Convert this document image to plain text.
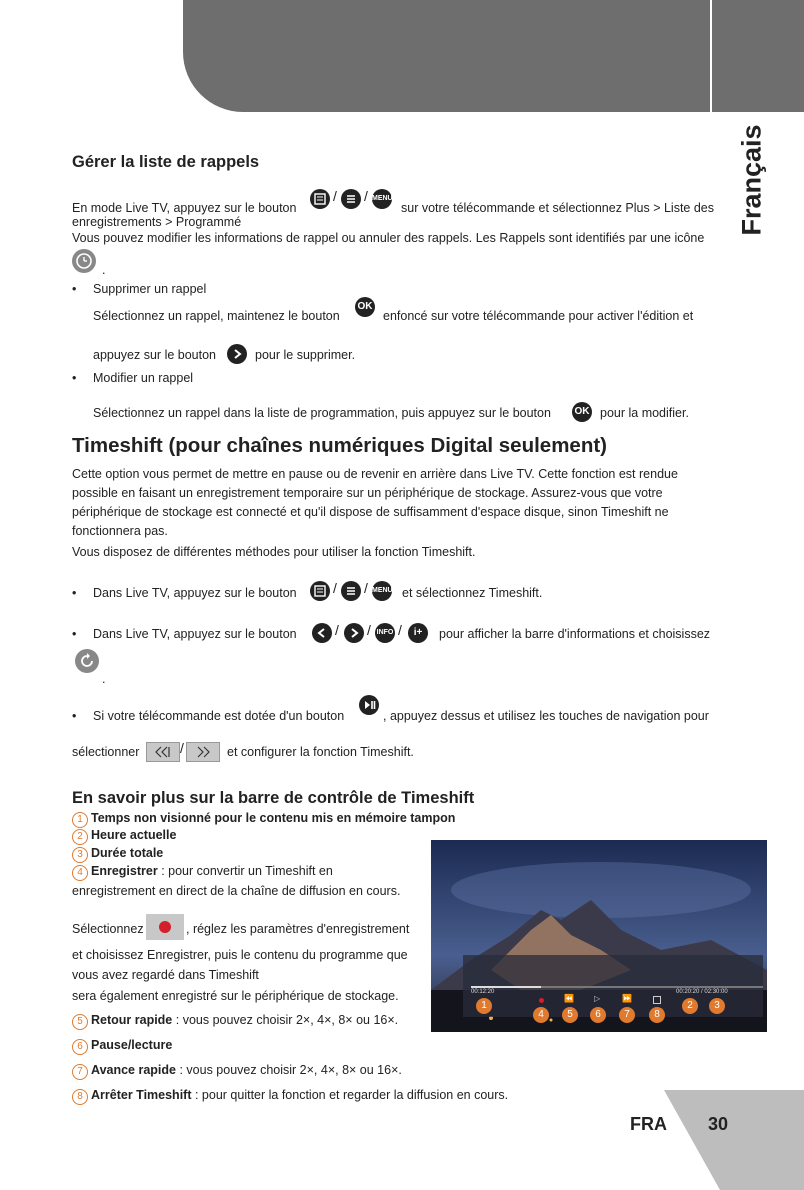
Français
FRA 30
Gérer la liste de rappels
En mode Live TV, appuyez sur le bouton
/ / MENU
sur votre télécommande et sélectionnez Plus > Liste des
enregistrements > Programmé
Vous pouvez modifier les informations de rappel ou annuler des rappels. Les Rappels sont identifiés par une icône
.
• Supprimer un rappel
Sélectionnez un rappel, maintenez le bouton
OK
enfoncé sur votre télécommande pour activer l'édition et
appuyez sur le bouton	pour le supprimer.
• Modifier un rappel
Sélectionnez un rappel dans la liste de programmation, puis appuyez sur le bouton OK pour la modifier.
Timeshift (pour chaînes numériques Digital seulement)
Cette option vous permet de mettre en pause ou de revenir en arrière dans Live TV. Cette fonction est rendue
possible en faisant un enregistrement temporaire sur un périphérique de stockage. Assurez-vous que votre
périphérique de stockage est connecté et qu'il dispose de suffisamment d'espace disque, sinon Timeshift ne
fonctionnera pas.
Vous disposez de différentes méthodes pour utiliser la fonction Timeshift.
• Dans Live TV, appuyez sur le bouton	/ / MENU et sélectionnez Timeshift.
• Dans Live TV, appuyez sur le bouton	/ / INFO /	i+	pour afficher la barre d'informations et choisissez
.
• Si votre télécommande est dotée d'un bouton	, appuyez dessus et utilisez les touches de navigation pour
sélectionner	/	et configurer la fonction Timeshift.
En savoir plus sur la barre de contrôle de Timeshift
1 Temps non visionné pour le contenu mis en mémoire tampon
2 Heure actuelle
3 Durée totale
4 Enregistrer : pour convertir un Timeshift en
enregistrement en direct de la chaîne de diffusion en cours.
Sélectionnez	, réglez les paramètres d'enregistrement
et choisissez Enregistrer, puis le contenu du programme que
vous avez regardé dans Timeshift
sera également enregistré sur le périphérique de stockage.
5 Retour rapide : vous pouvez choisir 2×, 4×, 8× ou 16×.
6 Pause/lecture
7 Avance rapide : vous pouvez choisir 2×, 4×, 8× ou 16×.
8 Arrêter Timeshift : pour quitter la fonction et regarder la diffusion en cours.
00:12:20	00:20:20 / 02:30:00
⏪	▷	⏩
1
4	5	6	7	8
2	3
